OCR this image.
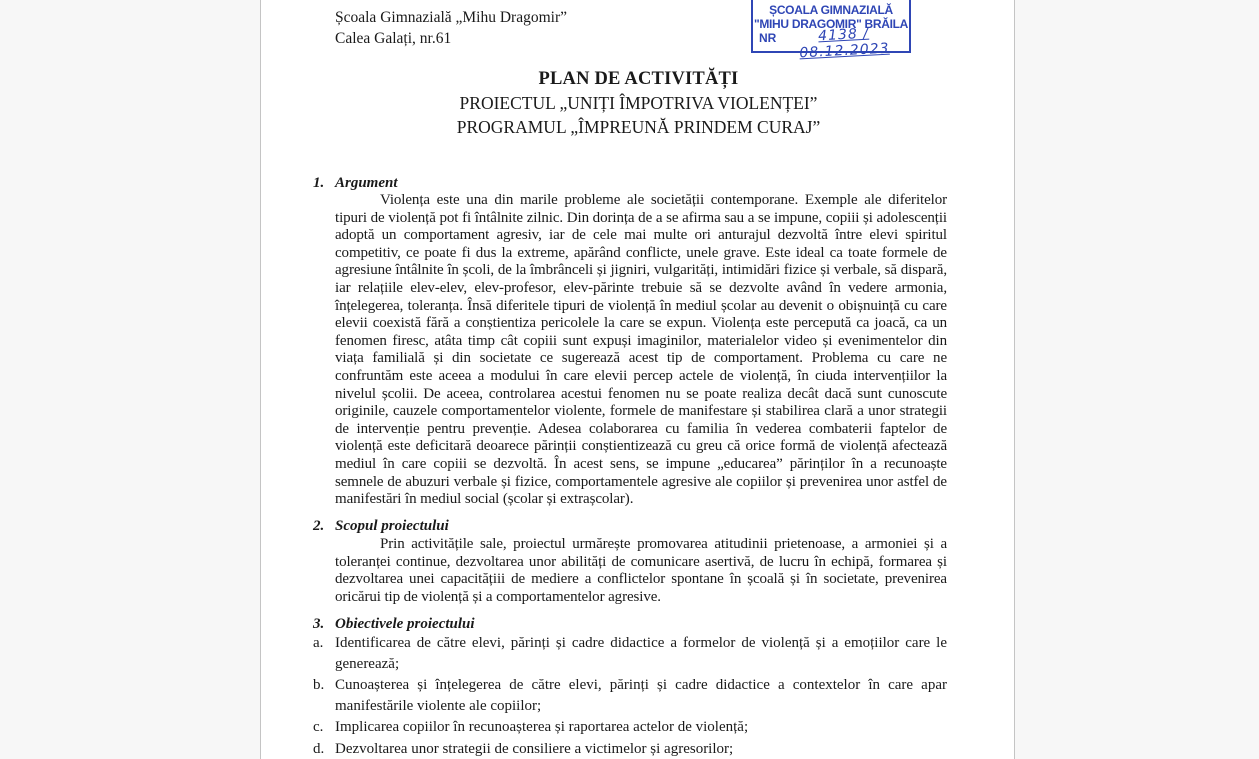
Școala Gimnazială „Mihu Dragomir”
Calea Galați, nr.61
ȘCOALA GIMNAZIALĂ
"MIHU DRAGOMIR" BRĂILA
NR	4138 / 08.12.2023
PLAN DE ACTIVITĂȚI
PROIECTUL „UNIȚI ÎMPOTRIVA VIOLENȚEI”
PROGRAMUL „ÎMPREUNĂ PRINDEM CURAJ”
1. Argument
Violența este una din marile probleme ale societății contemporane. Exemple ale diferitelor tipuri de violență pot fi întâlnite zilnic. Din dorința de a se afirma sau a se impune, copiii și adolescenții adoptă un comportament agresiv, iar de cele mai multe ori anturajul dezvoltă între elevi spiritul competitiv, ce poate fi dus la extreme, apărând conflicte, unele grave. Este ideal ca toate formele de agresiune întâlnite în școli, de la îmbrânceli și jigniri, vulgarități, intimidări fizice și verbale, să dispară, iar relațiile elev-elev, elev-profesor, elev-părinte trebuie să se dezvolte având în vedere armonia, înțelegerea, toleranța. Însă diferitele tipuri de violență în mediul școlar au devenit o obișnuință cu care elevii coexistă fără a conștientiza pericolele la care se expun. Violența este percepută ca joacă, ca un fenomen firesc, atâta timp cât copiii sunt expuși imaginilor, materialelor video și evenimentelor din viața familială și din societate ce sugerează acest tip de comportament. Problema cu care ne confruntăm este aceea a modului în care elevii percep actele de violență, în ciuda intervențiilor la nivelul școlii. De aceea, controlarea acestui fenomen nu se poate realiza decât dacă sunt cunoscute originile, cauzele comportamentelor violente, formele de manifestare și stabilirea clară a unor strategii de intervenție pentru prevenție. Adesea colaborarea cu familia în vederea combaterii faptelor de violență este deficitară deoarece părinții conștientizează cu greu că orice formă de violență afectează mediul în care copiii se dezvoltă. În acest sens, se impune „educarea” părinților în a recunoaște semnele de abuzuri verbale și fizice, comportamentele agresive ale copiilor și prevenirea unor astfel de manifestări în mediul social (școlar și extrașcolar).
2. Scopul proiectului
Prin activitățile sale, proiectul urmărește promovarea atitudinii prietenoase, a armoniei și a toleranței continue, dezvoltarea unor abilități de comunicare asertivă, de lucru în echipă, formarea și dezvoltarea unei capacitățiii de mediere a conflictelor spontane în școală și în societate, prevenirea oricărui tip de violență și a comportamentelor agresive.
3. Obiectivele proiectului
a. Identificarea de către elevi, părinți și cadre didactice a formelor de violență și a emoțiilor care le generează;
b. Cunoașterea și înțelegerea de către elevi, părinți și cadre didactice a contextelor în care apar manifestările violente ale copiilor;
c. Implicarea copiilor în recunoașterea și raportarea actelor de violență;
d. Dezvoltarea unor strategii de consiliere a victimelor și agresorilor;
